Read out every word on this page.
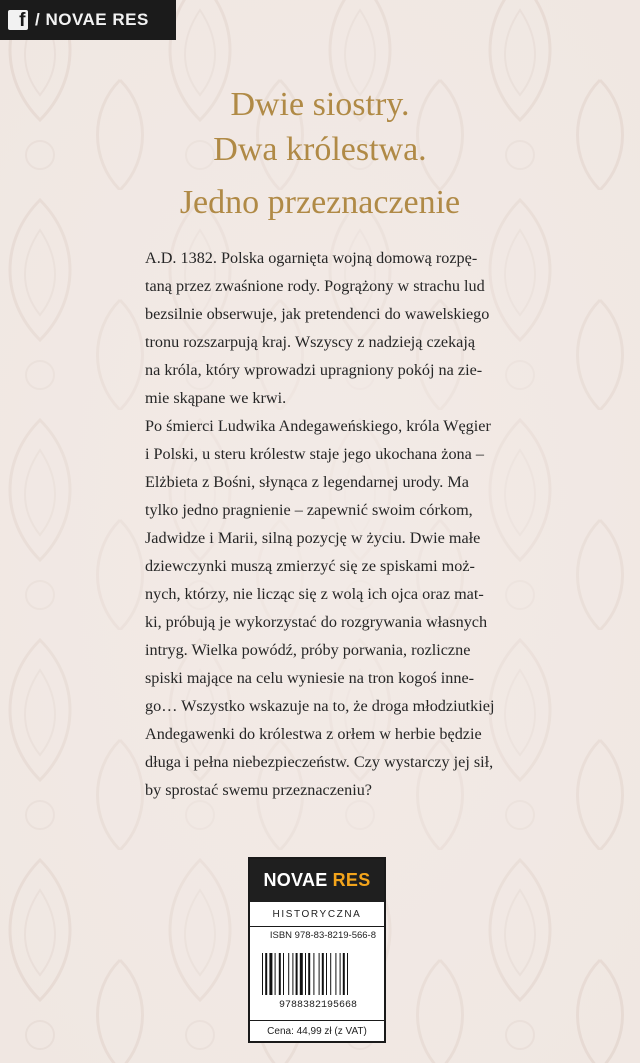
f / NOVAE RES
Dwie siostry.
Dwa królestwa.
Jedno przeznaczenie

A.D. 1382. Polska ogarnięta wojną domową rozpę-
taną przez zwaśnione rody. Pogrążony w strachu lud
bezsilnie obserwuje, jak pretendenci do wawelskiego
tronu rozszarpują kraj. Wszyscy z nadzieją czekają
na króla, który wprowadzi upragniony pokój na zie-
mie skąpane we krwi.

Po śmierci Ludwika Andegaweńskiego, króla Węgier
i Polski, u steru królestw staje jego ukochana żona –
Elżbieta z Bośni, słynąca z legendarnej urody. Ma
tylko jedno pragnienie – zapewnić swoim córkom,
Jadwidze i Marii, silną pozycję w życiu. Dwie małe
dziewczynki muszą zmierzyć się ze spiskami moż-
nych, którzy, nie licząc się z wolą ich ojca oraz mat-
ki, próbują je wykorzystać do rozgrywania własnych
intryg. Wielka powódź, próby porwania, rozliczne
spiski mające na celu wyniesie na tron kogoś inne-
go… Wszystko wskazuje na to, że droga młodziutkiej
Andegawenki do królestwa z orłem w herbie będzie
długa i pełna niebezpieczeństw. Czy wystarczy jej sił,
by sprostać swemu przeznaczeniu?

NOVAE RES
HISTORYCZNA
ISBN 978-83-8219-566-8
9788382195668
Cena: 44,99 zł (z VAT)
